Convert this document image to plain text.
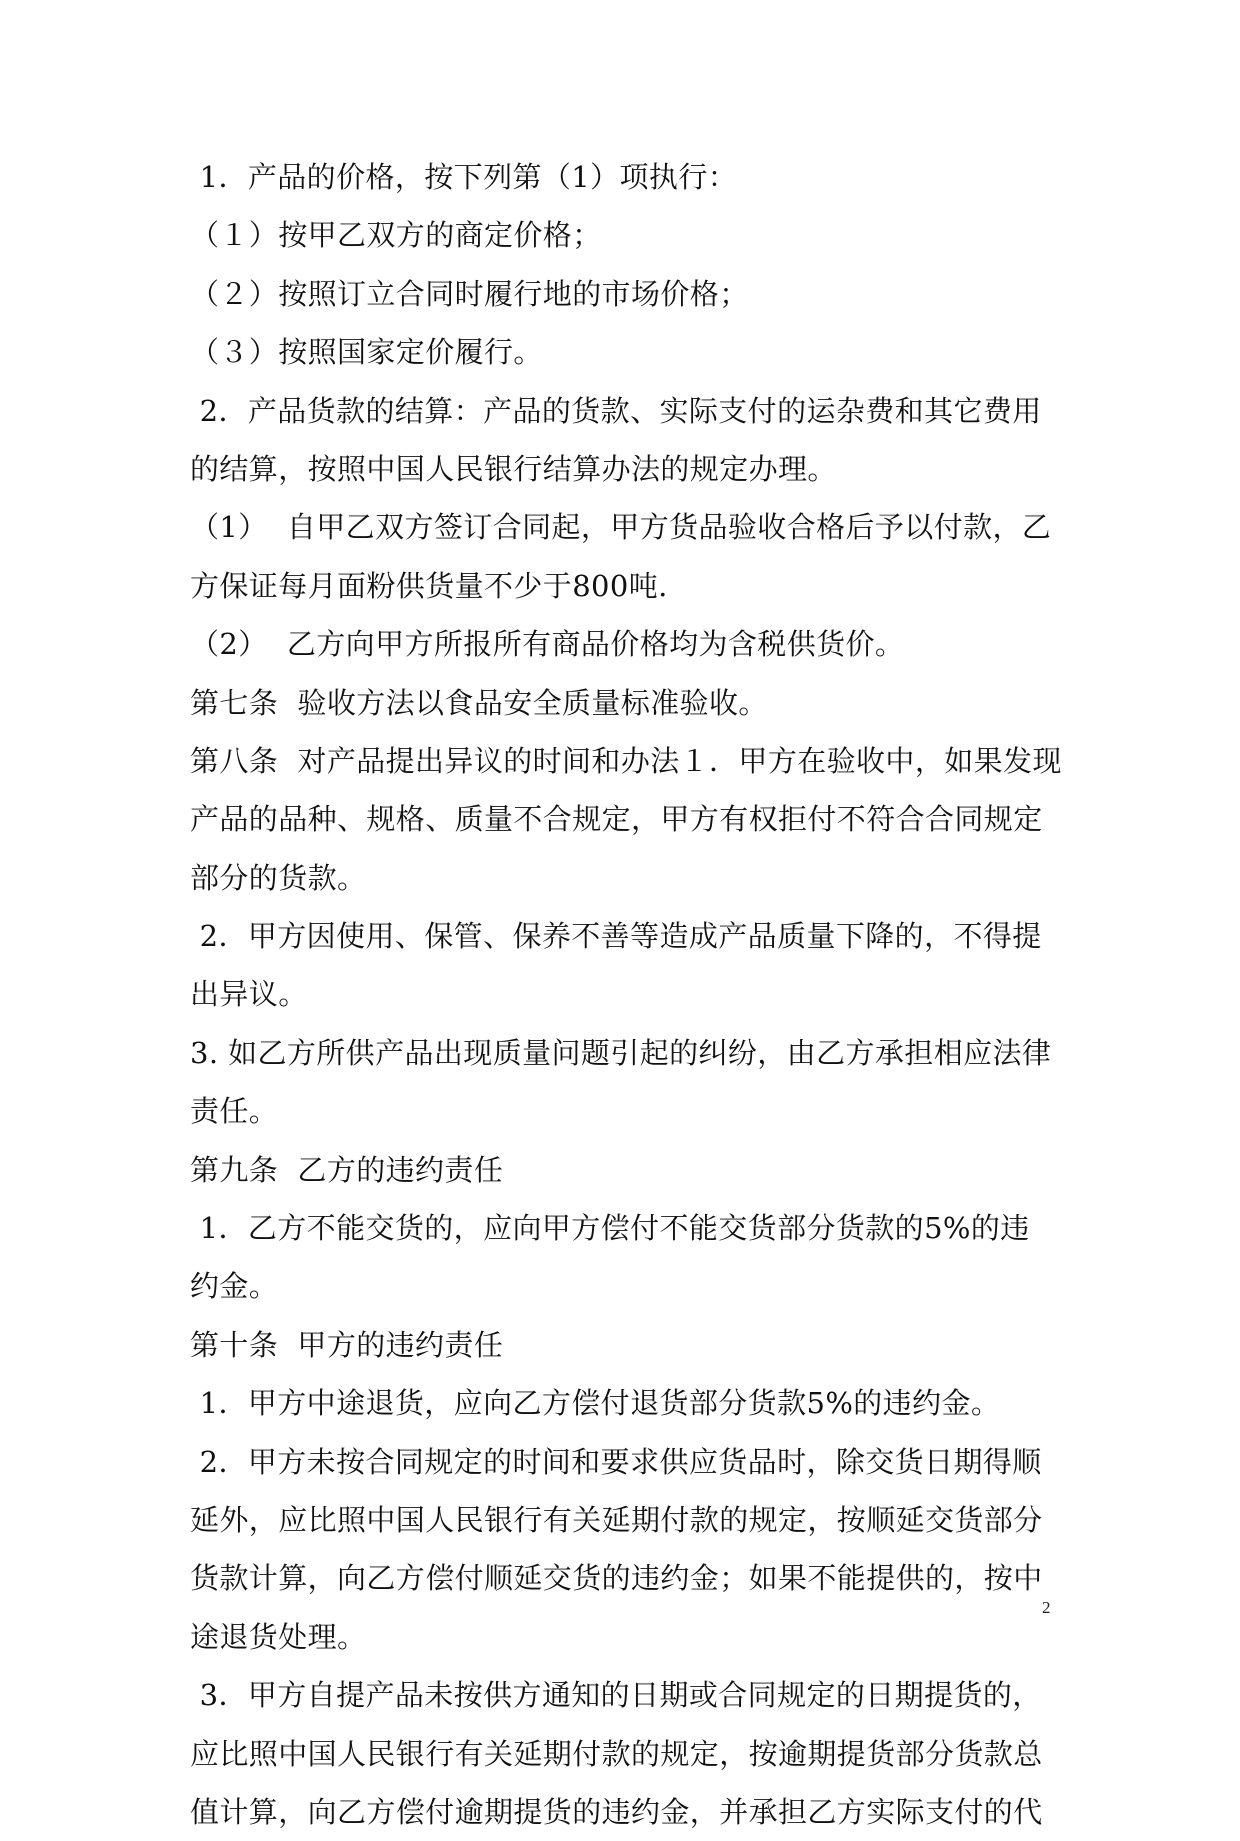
1．产品的价格，按下列第（1）项执行：
（１）按甲乙双方的商定价格；
（２）按照订立合同时履行地的市场价格；
（３）按照国家定价履行。
2．产品货款的结算：产品的货款、实际支付的运杂费和其它费用
的结算，按照中国人民银行结算办法的规定办理。
（1）  自甲乙双方签订合同起，甲方货品验收合格后予以付款，乙
方保证每月面粉供货量不少于800吨.
（2）  乙方向甲方所报所有商品价格均为含税供货价。
第七条  验收方法以食品安全质量标准验收。
第八条  对产品提出异议的时间和办法１．甲方在验收中，如果发现
产品的品种、规格、质量不合规定，甲方有权拒付不符合合同规定
部分的货款。
2．甲方因使用、保管、保养不善等造成产品质量下降的，不得提
出异议。
3. 如乙方所供产品出现质量问题引起的纠纷，由乙方承担相应法律
责任。
第九条  乙方的违约责任
1．乙方不能交货的，应向甲方偿付不能交货部分货款的5%的违
约金。
第十条  甲方的违约责任
1．甲方中途退货，应向乙方偿付退货部分货款5%的违约金。
2．甲方未按合同规定的时间和要求供应货品时，除交货日期得顺
延外，应比照中国人民银行有关延期付款的规定，按顺延交货部分
货款计算，向乙方偿付顺延交货的违约金；如果不能提供的，按中
途退货处理。
3．甲方自提产品未按供方通知的日期或合同规定的日期提货的，
应比照中国人民银行有关延期付款的规定，按逾期提货部分货款总
值计算，向乙方偿付逾期提货的违约金，并承担乙方实际支付的代
2
